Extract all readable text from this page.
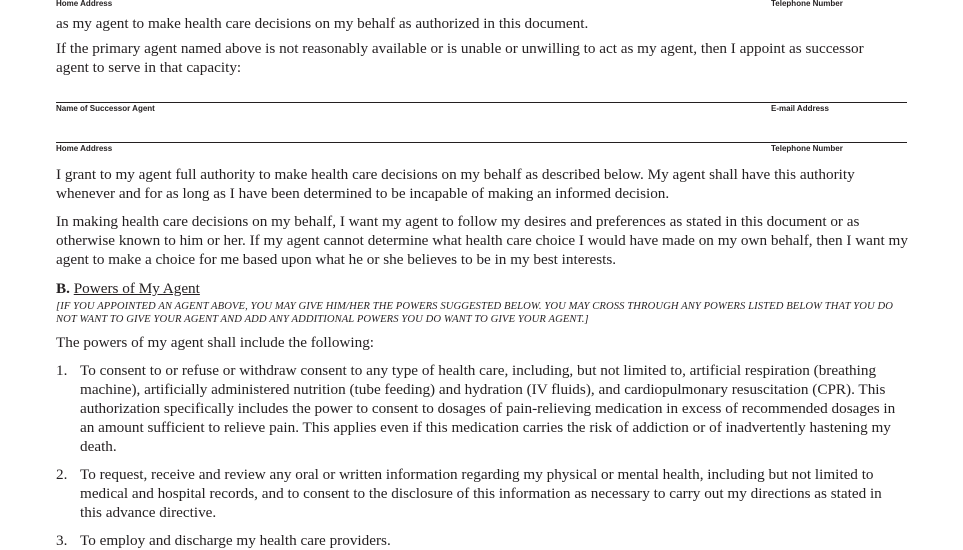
Home Address	Telephone Number

as my agent to make health care decisions on my behalf as authorized in this document.

If the primary agent named above is not reasonably available or is unable or unwilling to act as my agent, then I appoint as successor agent to serve in that capacity:

Name of Successor Agent	E-mail Address
Home Address	Telephone Number

I grant to my agent full authority to make health care decisions on my behalf as described below. My agent shall have this authority whenever and for as long as I have been determined to be incapable of making an informed decision.

In making health care decisions on my behalf, I want my agent to follow my desires and preferences as stated in this document or as otherwise known to him or her. If my agent cannot determine what health care choice I would have made on my own behalf, then I want my agent to make a choice for me based upon what he or she believes to be in my best interests.

B. Powers of My Agent

[IF YOU APPOINTED AN AGENT ABOVE, YOU MAY GIVE HIM/HER THE POWERS SUGGESTED BELOW. YOU MAY CROSS THROUGH ANY POWERS LISTED BELOW THAT YOU DO NOT WANT TO GIVE YOUR AGENT AND ADD ANY ADDITIONAL POWERS YOU DO WANT TO GIVE YOUR AGENT.]

The powers of my agent shall include the following:

1. To consent to or refuse or withdraw consent to any type of health care, including, but not limited to, artificial respiration (breathing machine), artificially administered nutrition (tube feeding) and hydration (IV fluids), and cardiopulmonary resuscitation (CPR). This authorization specifically includes the power to consent to dosages of pain-relieving medication in excess of recommended dosages in an amount sufficient to relieve pain. This applies even if this medication carries the risk of addiction or of inadvertently hastening my death.
2. To request, receive and review any oral or written information regarding my physical or mental health, including but not limited to medical and hospital records, and to consent to the disclosure of this information as necessary to carry out my directions as stated in this advance directive.
3. To employ and discharge my health care providers.
